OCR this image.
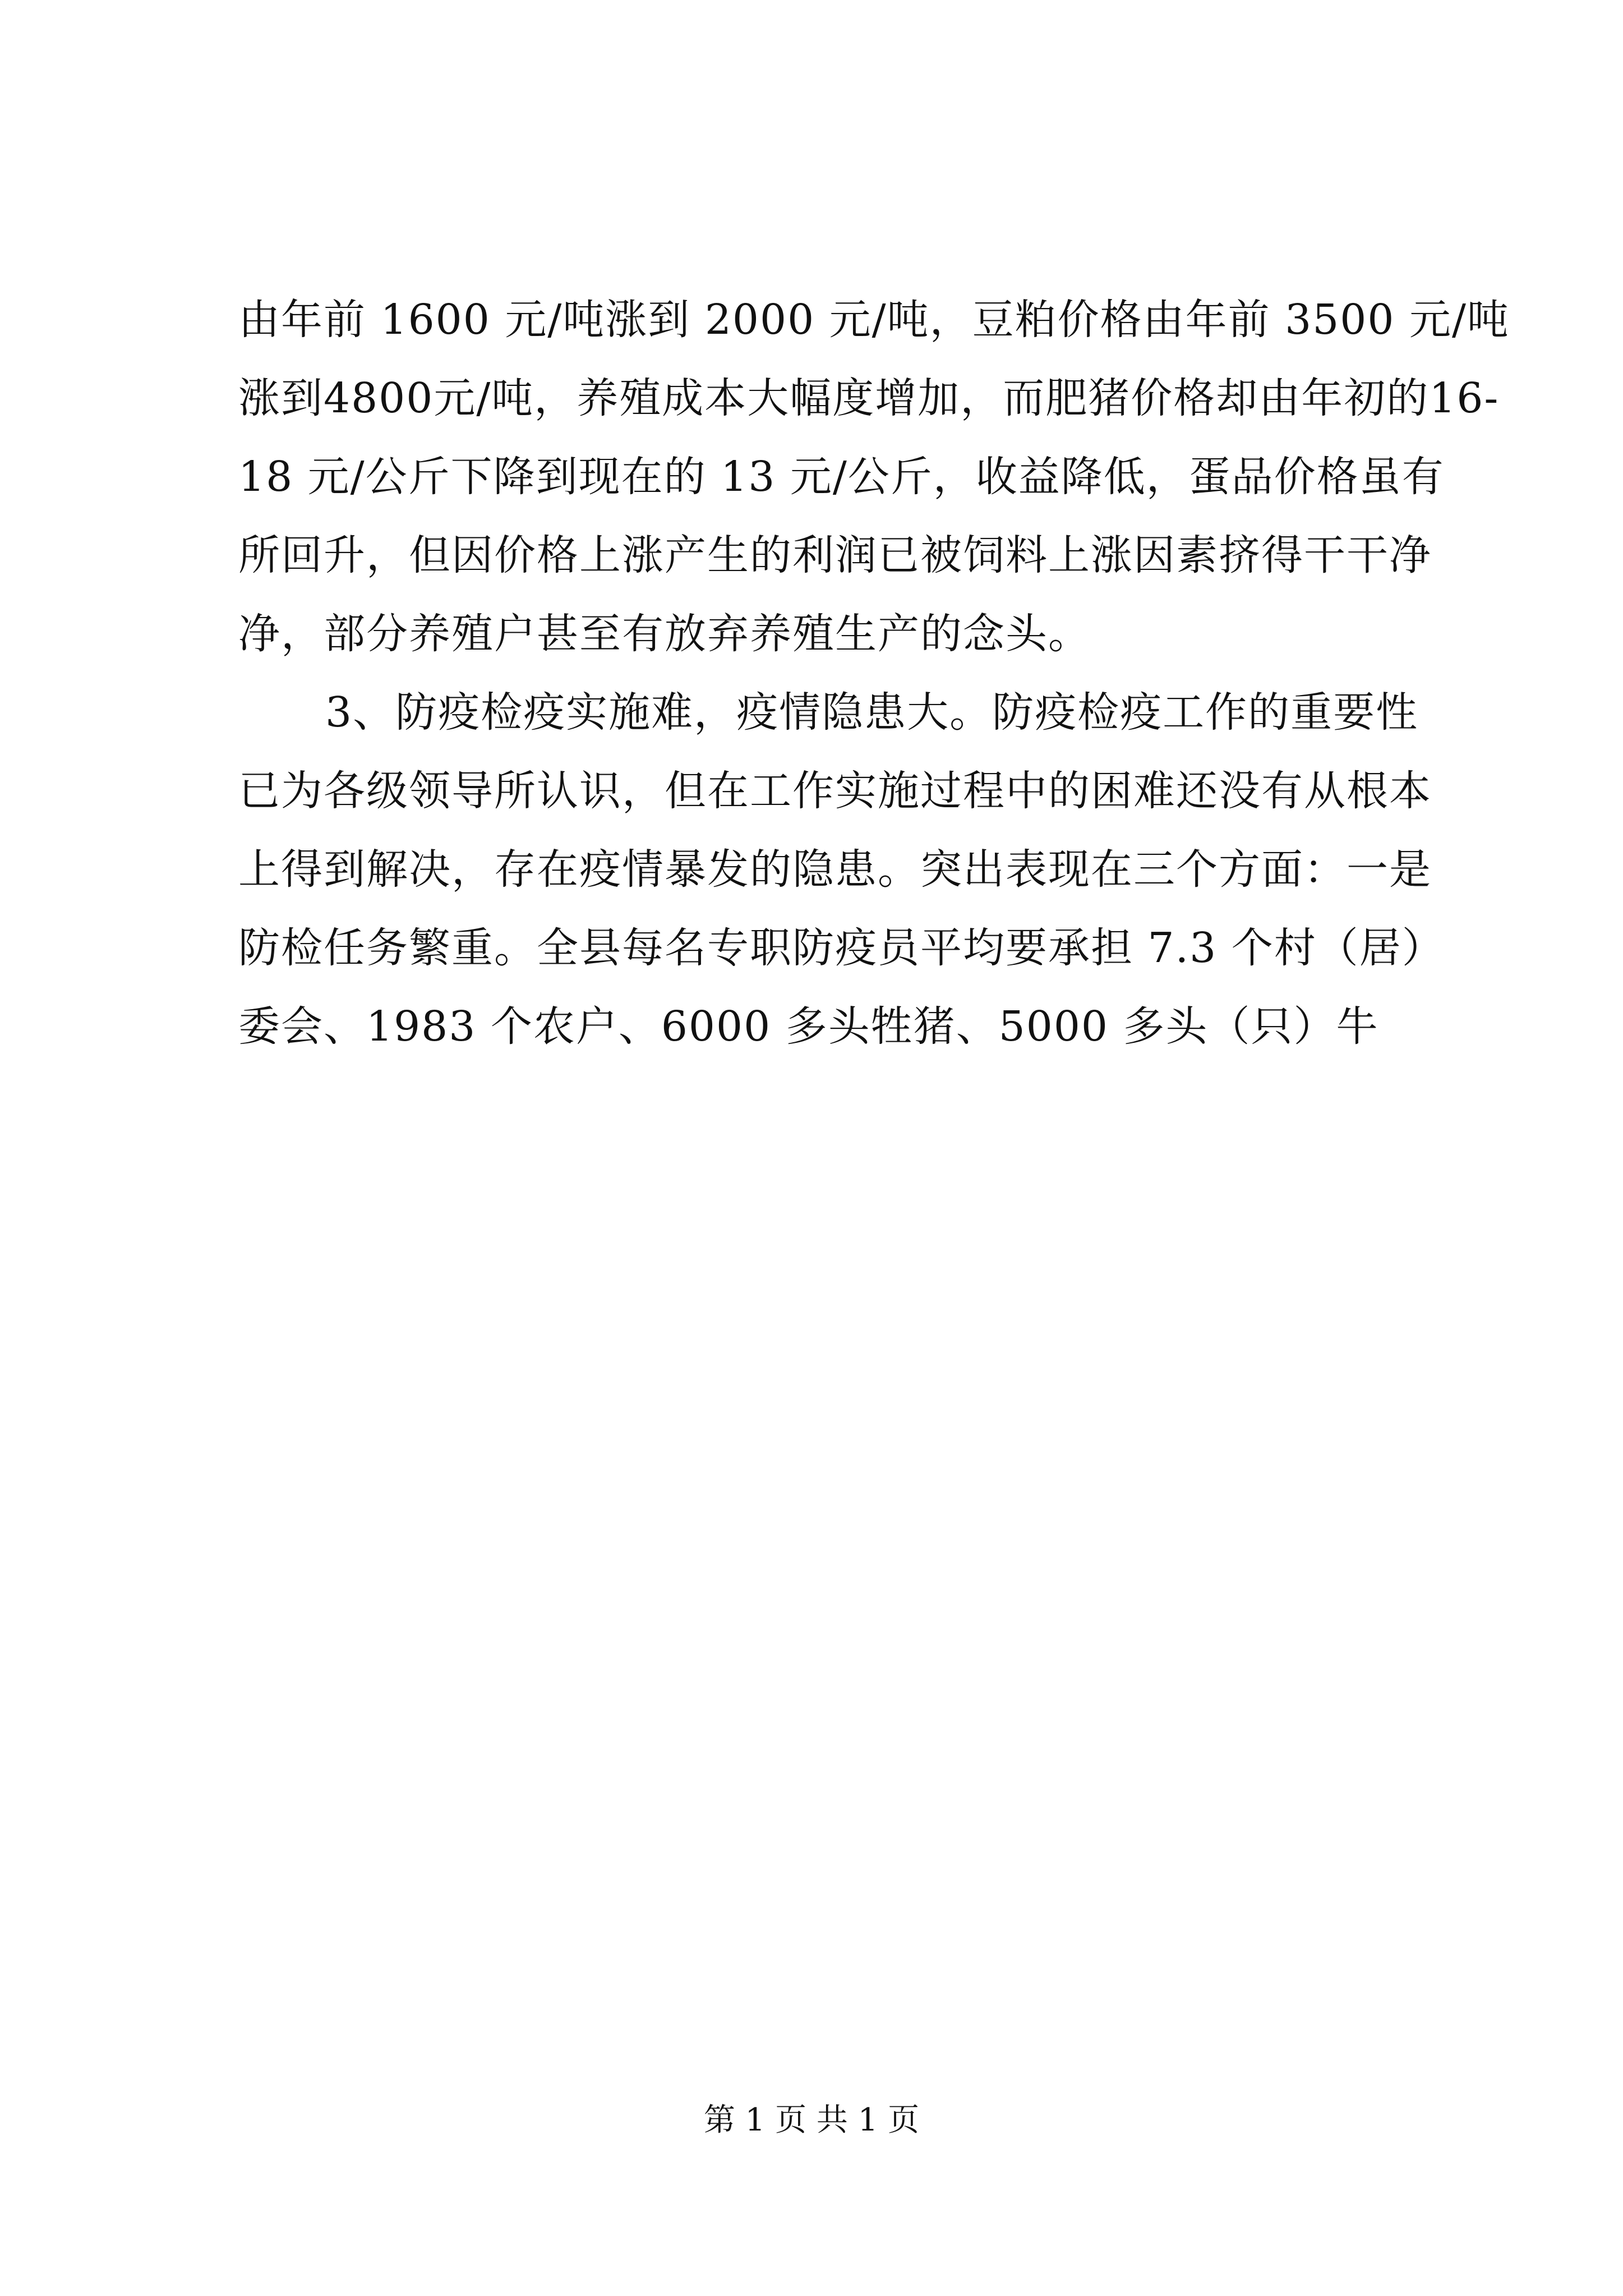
由年前 1600 元/吨涨到 2000 元/吨，豆粕价格由年前 3500 元/吨
涨到4800元/吨，养殖成本大幅度增加，而肥猪价格却由年初的16-
18 元/公斤下降到现在的 13 元/公斤，收益降低，蛋品价格虽有
所回升，但因价格上涨产生的利润已被饲料上涨因素挤得干干净
净，部分养殖户甚至有放弃养殖生产的念头。
3、防疫检疫实施难，疫情隐患大。防疫检疫工作的重要性
已为各级领导所认识，但在工作实施过程中的困难还没有从根本
上得到解决，存在疫情暴发的隐患。突出表现在三个方面：一是
防检任务繁重。全县每名专职防疫员平均要承担 7.3 个村（居）
委会、1983 个农户、6000 多头牲猪、5000 多头（只）牛
第 1 页 共 1 页
